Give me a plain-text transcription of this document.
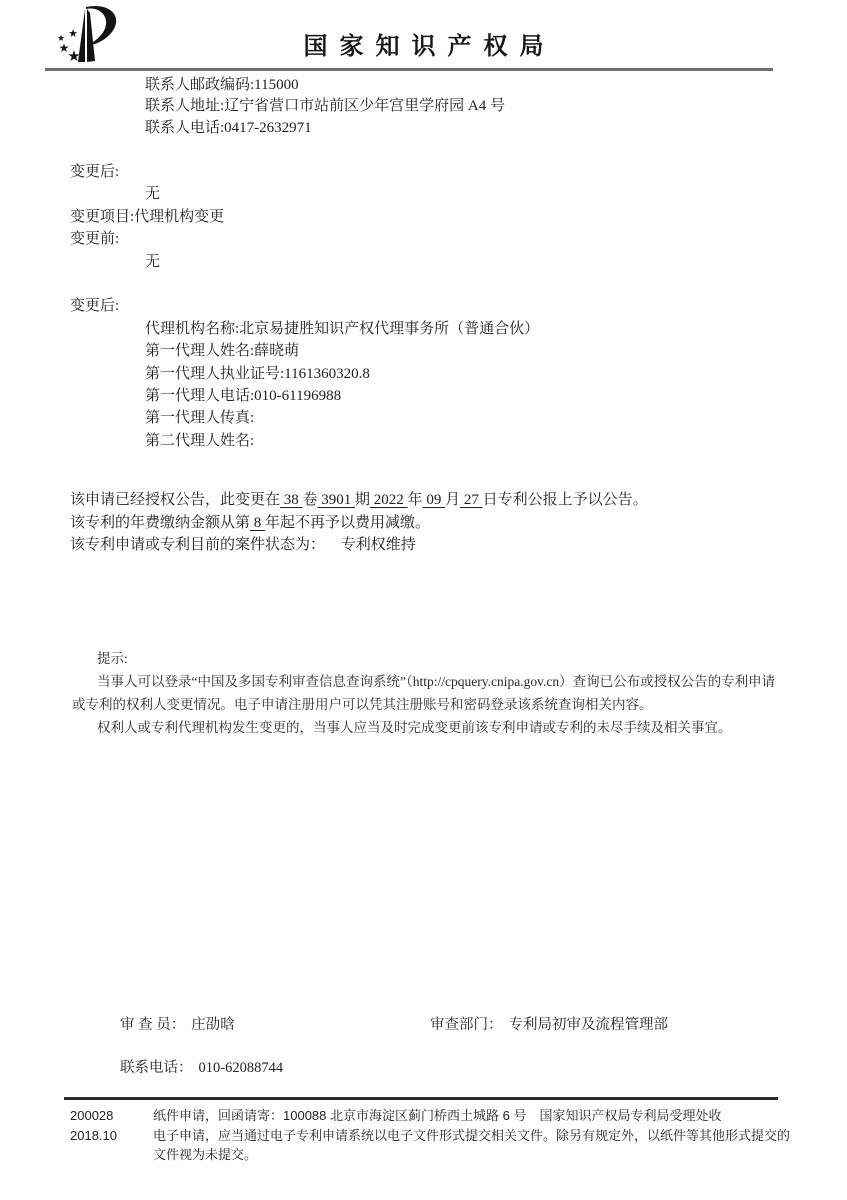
★ ★
★
★	国家知识产权局
联系人邮政编码:115000
联系人地址:辽宁省营口市站前区少年宫里学府园 A4 号
联系人电话:0417-2632971
变更后:
无
变更项目:代理机构变更
变更前:
无
变更后:
代理机构名称:北京易捷胜知识产权代理事务所（普通合伙）
第一代理人姓名:薛晓萌
第一代理人执业证号:1161360320.8
第一代理人电话:010-61196988
第一代理人传真:
第二代理人姓名:
该申请已经授权公告，此变更在 38 卷 3901 期 2022 年 09 月 27 日专利公报上予以公告。
该专利的年费缴纳金额从第 8 年起不再予以费用减缴。
该专利申请或专利目前的案件状态为： 专利权维持
提示:
当事人可以登录“中国及多国专利审查信息查询系统”（http://cpquery.cnipa.gov.cn）查询已公布或授权公告的专利申请或专利的权利人变更情况。电子申请注册用户可以凭其注册账号和密码登录该系统查询相关内容。
权利人或专利代理机构发生变更的，当事人应当及时完成变更前该专利申请或专利的未尽手续及相关事宜。
审 查 员： 庄劭晗	审查部门： 专利局初审及流程管理部
联系电话： 010-62088744
200028
2018.10
纸件申请，回函请寄：100088 北京市海淀区蓟门桥西土城路 6 号　国家知识产权局专利局受理处收
电子申请，应当通过电子专利申请系统以电子文件形式提交相关文件。除另有规定外，以纸件等其他形式提交的
文件视为未提交。
